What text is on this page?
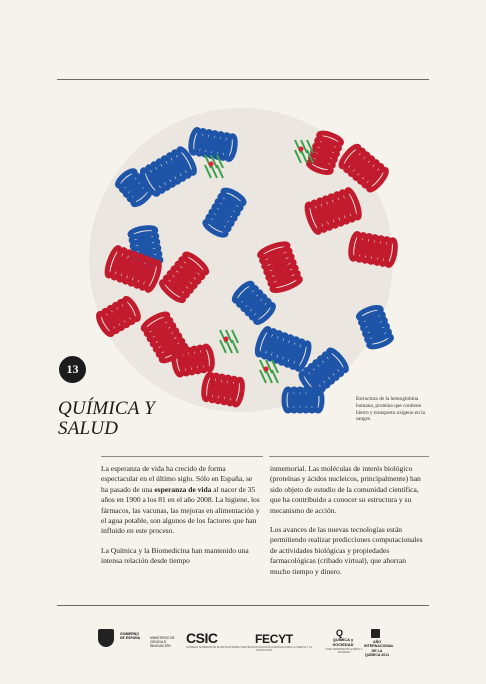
13
QUÍMICA Y
SALUD
Estructura de la hemoglobina humana, proteína que contiene hierro y transporta oxígeno en la sangre.

La esperanza de vida ha crecido de forma espectacular en el último siglo. Sólo en España, se ha pasado de una esperanza de vida al nacer de 35 años en 1900 a los 81 en el año 2008. La higiene, los fármacos, las vacunas, las mejoras en alimentación y el agua potable, son algunos de los factores que han influido en este proceso.

La Química y la Biomedicina han mantenido una intensa relación desde tiempo

inmemorial. Las moléculas de interés biológico (proteínas y ácidos nucleicos, principalmente) han sido objeto de estudio de la comunidad científica, que ha contribuido a conocer su estructura y su mecanismo de acción.

Los avances de las nuevas tecnologías están permitiendo realizar predicciones computacionales de actividades biológicas y propiedades farmacológicas (cribado virtual), que ahorran mucho tiempo y dinero.

GOBIERNO DE ESPAÑA	MINISTERIO DE CIENCIA E INNOVACIÓN	CSIC
CONSEJO SUPERIOR DE INVESTIGACIONES CIENTÍFICAS
FECYT
FUNDACIÓN ESPAÑOLA PARA LA CIENCIA Y LA TECNOLOGÍA
Q
QUÍMICA y SOCIEDAD
FORO PERMANENTE QUÍMICA Y SOCIEDAD
AÑO INTERNACIONAL DE LA QUÍMICA 2011
